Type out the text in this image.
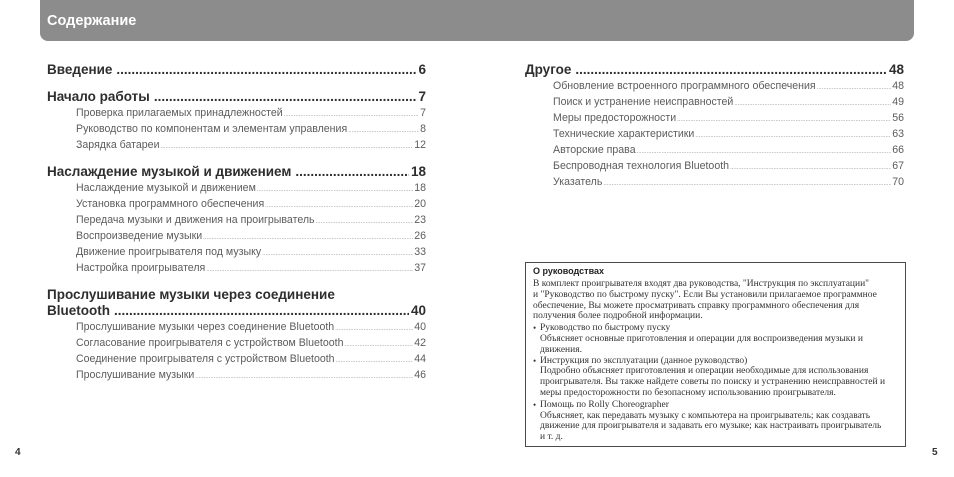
Содержание
Введение .....	6
Начало работы .....	7
Проверка прилагаемых принадлежностей .....	7
Руководство по компонентам и элементам управления .....	8
Зарядка батареи .....	12
Наслаждение музыкой и движением .....	18
Наслаждение музыкой и движением .....	18
Установка программного обеспечения .....	20
Передача музыки и движения на проигрыватель .....	23
Воспроизведение музыки .....	26
Движение проигрывателя под музыку .....	33
Настройка проигрывателя .....	37
Прослушивание музыки через соединение
Bluetooth .....	40
Прослушивание музыки через соединение Bluetooth .....	40
Согласование проигрывателя с устройством Bluetooth .....	42
Соединение проигрывателя с устройством Bluetooth .....	44
Прослушивание музыки .....	46
Другое .....	48
Обновление встроенного программного обеспечения .....	48
Поиск и устранение неисправностей .....	49
Меры предосторожности .....	56
Технические характеристики .....	63
Авторские права .....	66
Беспроводная технология Bluetooth .....	67
Указатель .....	70
О руководствах
В комплект проигрывателя входят два руководства, "Инструкция по эксплуатации"
и "Руководство по быстрому пуску". Если Вы установили прилагаемое программное
обеспечение, Вы можете просматривать справку программного обеспечения для
получения более подробной информации.
•
Руководство по быстрому пуску
Объясняет основные приготовления и операции для воспроизведения музыки и
движения.
•
Инструкция по эксплуатации (данное руководство)
Подробно объясняет приготовления и операции необходимые для использования
проигрывателя. Вы также найдете советы по поиску и устранению неисправностей и
меры предосторожности по безопасному использованию проигрывателя.
•
Помощь по Rolly Choreographer
Объясняет, как передавать музыку с компьютера на проигрыватель; как создавать
движение для проигрывателя и задавать его музыке; как настраивать проигрыватель
и т. д.
4	5
